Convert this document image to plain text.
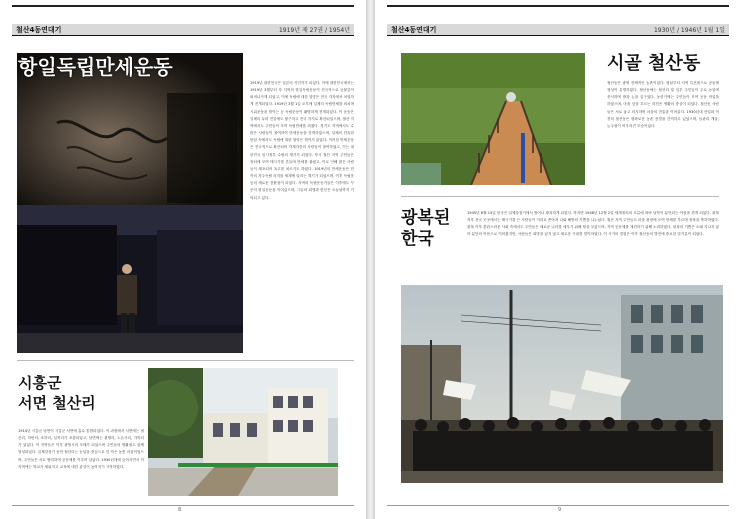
철산4동연대기	1919년 제 27권 / 1954년
항일독립만세운동
1919년 대한민국은 일본의 식민지가 되었다. 이에 대한민국에서는 1919년 3월부터 각 지역의 항일독립운동이 전국적으로 들불같이 퍼져나가게 되었고, 이에 독립에 대한 열망은 전국 각지에서 치열하게 전개되었다. 1919년 3월 1일 오후에 일제히 독립만세를 외치며 시위운동을 벌이는 등 독립운동이 활발하게 전개되었다. 이 운동은 일제의 무력 진압에도 불구하고 전국 각지로 확산되었으며, 철산 지역에서도 주민들이 모여 독립만세를 외쳤다. 경기도 지역에서도 수많은 사람들이 참여하여 만세운동을 전개하였으며, 일제의 잔혹한 탄압 속에서도 독립에 대한 열망은 꺾이지 않았다. 이러한 만세운동은 전국적으로 확산되어 각계각층의 사람들이 참여하였고, 이는 대한민국 임시정부 수립의 계기가 되었다. 당시 철산 지역 주민들은 장터에 모여 태극기를 흔들며 만세를 불렀고, 이로 인해 많은 사람들이 체포되어 옥고를 치르기도 하였다. 1919년의 만세운동은 민족의 자주독립 의지를 세계에 알리는 계기가 되었으며, 이후 독립운동의 새로운 전환점이 되었다. 지역의 독립운동가들은 이후에도 꾸준히 항일운동을 이어갔으며, 그들의 희생과 헌신은 오늘날까지 기억되고 있다.
시흥군
서면 철산리
1914년 시흥군 남면이 시흥군 서면에 흡수 통합되었다. 이 과정에서 서면에는 철산리, 하안리, 소하리, 일직리가 포함되었고, 남면에는 광명리, 노온사리, 가학리가 있었다. 이 지역들은 이후 광명시의 모태가 되었으며 주민들의 생활권도 함께 형성되었다. 일제강점기 동안 철산리는 농업을 중심으로 한 작은 농촌 마을이었으며, 주민들은 서로 협력하며 공동체를 이루어 살았다. 1930년대에 들어서면서 이 지역에는 학교가 세워지고 교육에 대한 관심이 높아지기 시작하였다.
8
철산4동연대기	1930년 / 1946년 1월 1일
시골 철산동
철산동은 광명 전체적인 농촌이었다. 평남부터 지역 특산품으로 공동체 형성이 유명하였다. 철산동에는 철산리 및 일부 주민들이 주로 농업에 종사하며 밭과 논을 일구었다. 농한기에는 주민들이 모여 공동 작업을 하였으며, 마을 앞을 흐르는 하천은 생활의 중심이 되었다. 철산동 사람들은 서로 돕고 의지하며 마을의 전통을 이어갔다. 1930년대 산업화 이전의 철산동은 평화로운 농촌 풍경을 간직하고 있었으며, 들판과 개울, 논두렁이 어우러진 모습이었다.
광복된
한국
1945년 8월 15일 한국은 일제강점기에서 벗어나 광복하게 되었다. 하지만 1948년 12월 2일 세계정치의 흐름에 따라 남북이 분단되는 아픔을 겪게 되었다. 광복 직후 전국 곳곳에서는 태극기를 든 사람들이 거리로 쏟아져 나와 해방의 기쁨을 나누었다. 철산 지역 주민들도 마을 광장에 모여 만세를 부르며 광복을 축하하였다. 광복 이후 혼란스러운 사회 속에서도 주민들은 새로운 나라를 세우기 위해 힘을 모았으며, 지역 공동체를 재건하기 위해 노력하였다. 광복의 기쁨은 오래 지나지 않아 분단의 아픔으로 이어졌지만, 사람들은 희망을 잃지 않고 새로운 시대를 맞이하였다. 이 시기의 경험은 이후 철산동의 발전에 중요한 밑거름이 되었다.
9
